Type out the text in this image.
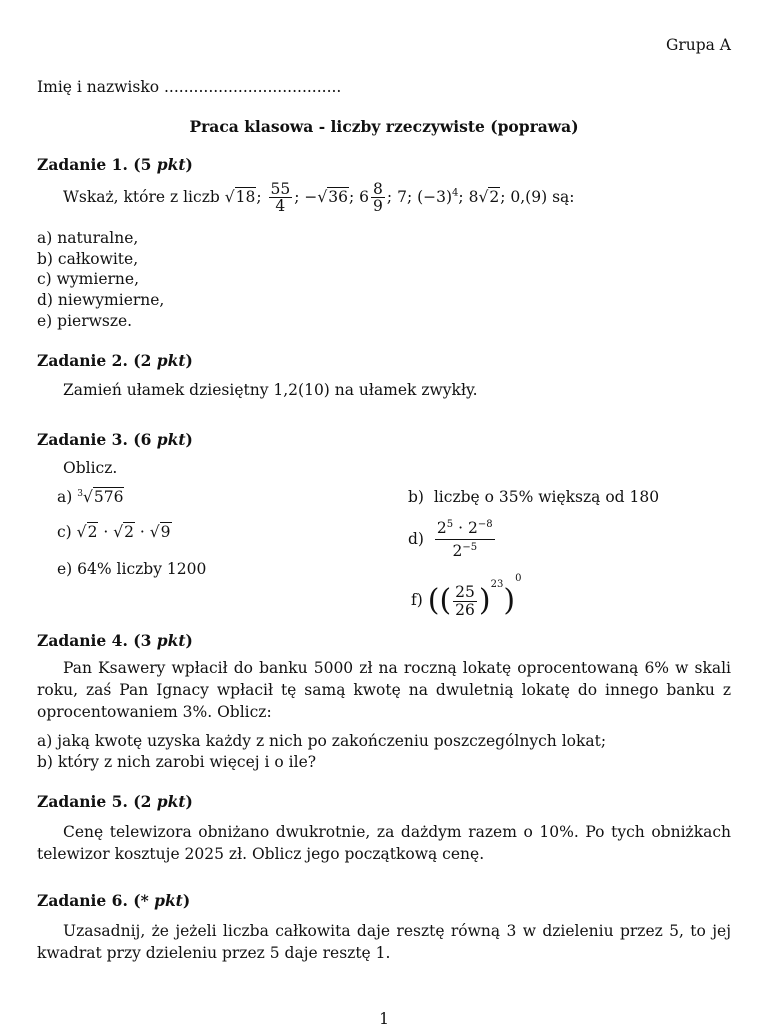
Grupa A
Imię i nazwisko ....................................
Praca klasowa - liczby rzeczywiste (poprawa)
Zadanie 1. (5 pkt)
Wskaż, które z liczb √18; $\frac{55}{4}$ ; −√36; $6 \frac{8}{9}$ ; 7; $(-3)^4$; 8√2; 0,(9) są:
a) naturalne,
b) całkowite,
c) wymierne,
d) niewymierne,
e) pierwsze.
Zadanie 2. (2 pkt)
Zamień ułamek dziesiętny 1,2(10) na ułamek zwykły.
Zadanie 3. (6 pkt)
Oblicz.
a) $^3$√576	b) liczbę o 35% większą od 180
c) √2 · √2 · √9	$d) \frac{2^5 \cdot 2^{-8}}{2^{-5}}$
e) 64% liczby 1200
f) (( $\frac{25}{26} )^{23})^0$
Zadanie 4. (3 pkt)

Pan Ksawery wpłacił do banku 5000 zł na roczną lokatę oprocentowaną 6% w skali roku, zaś Pan Ignacy wpłacił tę samą kwotę na dwuletnią lokatę do innego banku z oprocentowaniem 3%. Oblicz:

a) jaką kwotę uzyska każdy z nich po zakończeniu poszczególnych lokat;
b) który z nich zarobi więcej i o ile?
Zadanie 5. (2 pkt)

Cenę telewizora obniżano dwukrotnie, za dażdym razem o 10%. Po tych obniżkach telewizor kosztuje 2025 zł. Oblicz jego początkową cenę.

Zadanie 6. (* pkt)

Uzasadnij, że jeżeli liczba całkowita daje resztę równą 3 w dzieleniu przez 5, to jej kwadrat przy dzieleniu przez 5 daje resztę 1.

1
